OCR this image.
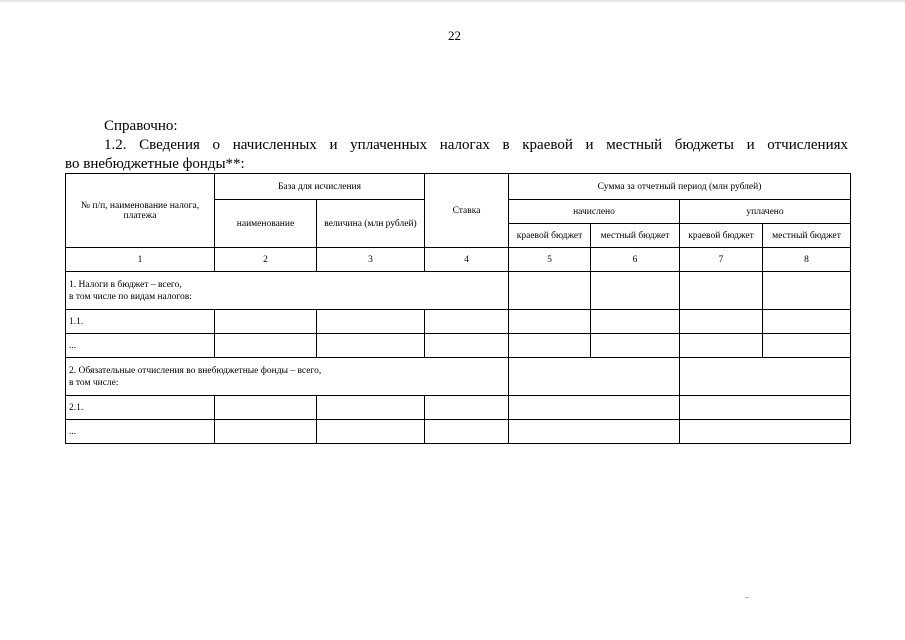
22
Справочно:
1.2. Сведения о начисленных и уплаченных налогах в краевой и местный бюджеты и отчислениях
во внебюджетные фонды**:
№ п/п, наименование налога, платежа	База для исчисления		Ставка	Сумма за отчетный период (млн рублей)			
	наименование	величина (млн рублей)		начислено		уплачено	
				краевой бюджет	местный бюджет	краевой бюджет	местный бюджет
1	2	3	4	5	6	7	8

1. Налоги в бюджет – всего,
в том числе по видам налогов:							

1.1.							
...							

2. Обязательные отчисления во внебюджетные фонды – всего,
в том числе:							

2.1.							
...							
